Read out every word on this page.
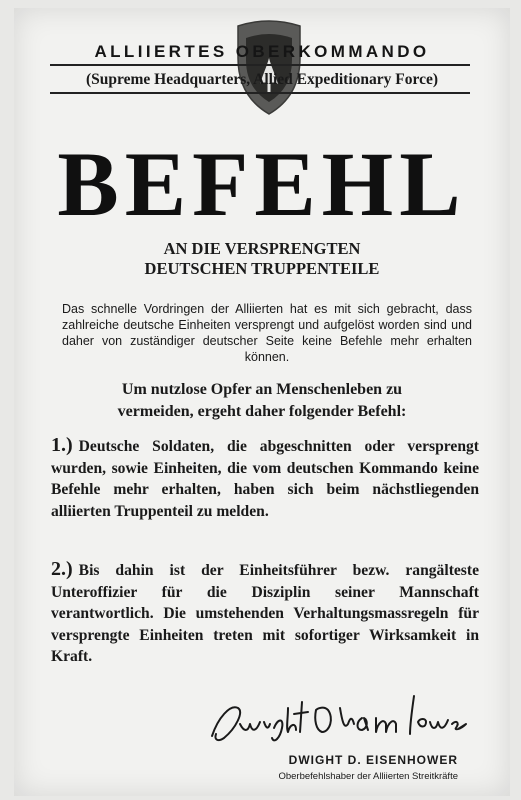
ALLIIERTES OBERKOMMANDO
(Supreme Headquarters, Allied Expeditionary Force)
BEFEHL
AN DIE VERSPRENGTEN
DEUTSCHEN TRUPPENTEILE
Das schnelle Vordringen der Alliierten hat es mit sich gebracht, dass zahlreiche deutsche Einheiten versprengt und aufgelöst worden sind und daher von zuständiger deutscher Seite keine Befehle mehr erhalten können.
Um nutzlose Opfer an Menschenleben zu
vermeiden, ergeht daher folgender Befehl:
1.) Deutsche Soldaten, die abgeschnitten oder versprengt wurden, sowie Einheiten, die vom deutschen Kommando keine Befehle mehr erhalten, haben sich beim nächstliegenden alliierten Truppenteil zu melden.
2.) Bis dahin ist der Einheitsführer bezw. rangälteste Unteroffizier für die Disziplin seiner Mannschaft verantwortlich. Die umstehenden Verhaltungsmassregeln für versprengte Einheiten treten mit sofortiger Wirksamkeit in Kraft.
DWIGHT D. EISENHOWER
Oberbefehlshaber der Alliierten Streitkräfte
